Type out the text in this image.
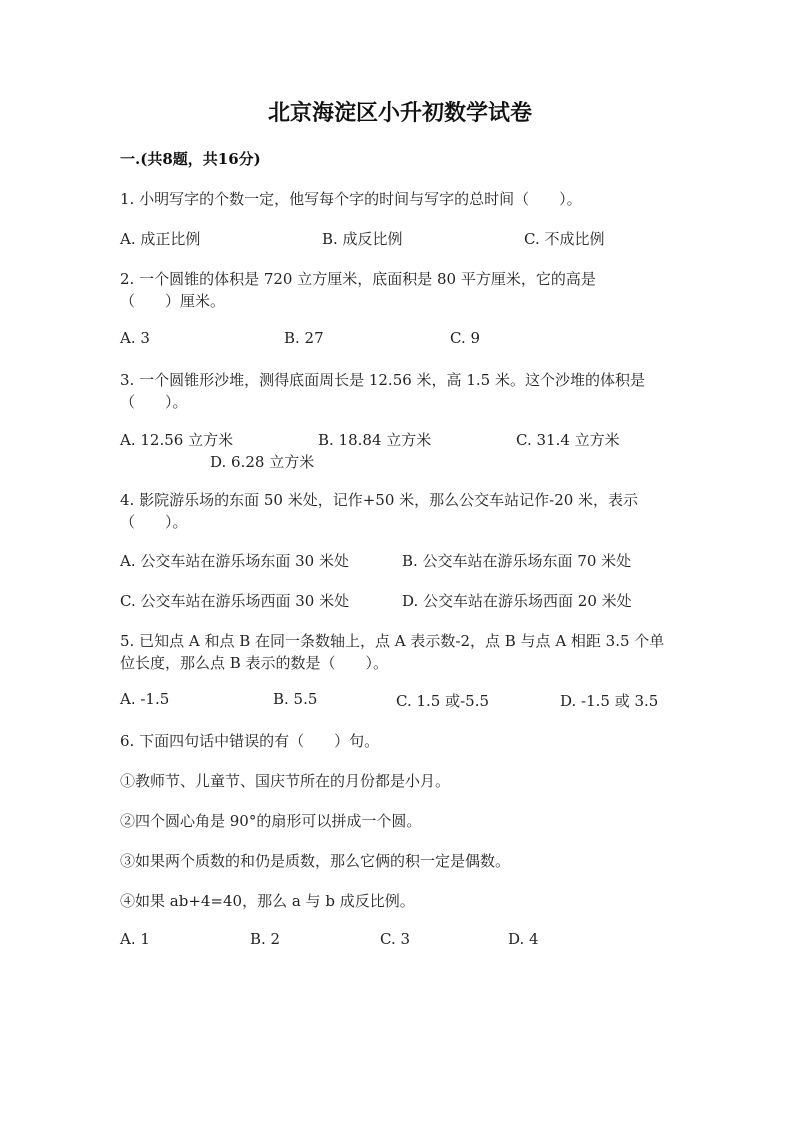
北京海淀区小升初数学试卷
一.(共8题，共16分)
1. 小明写字的个数一定，他写每个字的时间与写字的总时间（　　）。
A. 成正比例	B. 成反比例	C. 不成比例
2. 一个圆锥的体积是 720 立方厘米，底面积是 80 平方厘米，它的高是
（　　）厘米。
A. 3	B. 27	C. 9
3. 一个圆锥形沙堆，测得底面周长是 12.56 米，高 1.5 米。这个沙堆的体积是
（　　）。
A. 12.56 立方米	B. 18.84 立方米	C. 31.4 立方米
D. 6.28 立方米
4. 影院游乐场的东面 50 米处，记作+50 米，那么公交车站记作-20 米，表示
（　　）。
A. 公交车站在游乐场东面 30 米处	B. 公交车站在游乐场东面 70 米处
C. 公交车站在游乐场西面 30 米处	D. 公交车站在游乐场西面 20 米处
5. 已知点 A 和点 B 在同一条数轴上，点 A 表示数-2，点 B 与点 A 相距 3.5 个单
位长度，那么点 B 表示的数是（　　）。
A. -1.5	B. 5.5	C. 1.5 或-5.5	D. -1.5 或 3.5
6. 下面四句话中错误的有（　　）句。
①教师节、儿童节、国庆节所在的月份都是小月。
②四个圆心角是 90°的扇形可以拼成一个圆。
③如果两个质数的和仍是质数，那么它俩的积一定是偶数。
④如果 ab+4=40，那么 a 与 b 成反比例。
A. 1	B. 2	C. 3	D. 4
